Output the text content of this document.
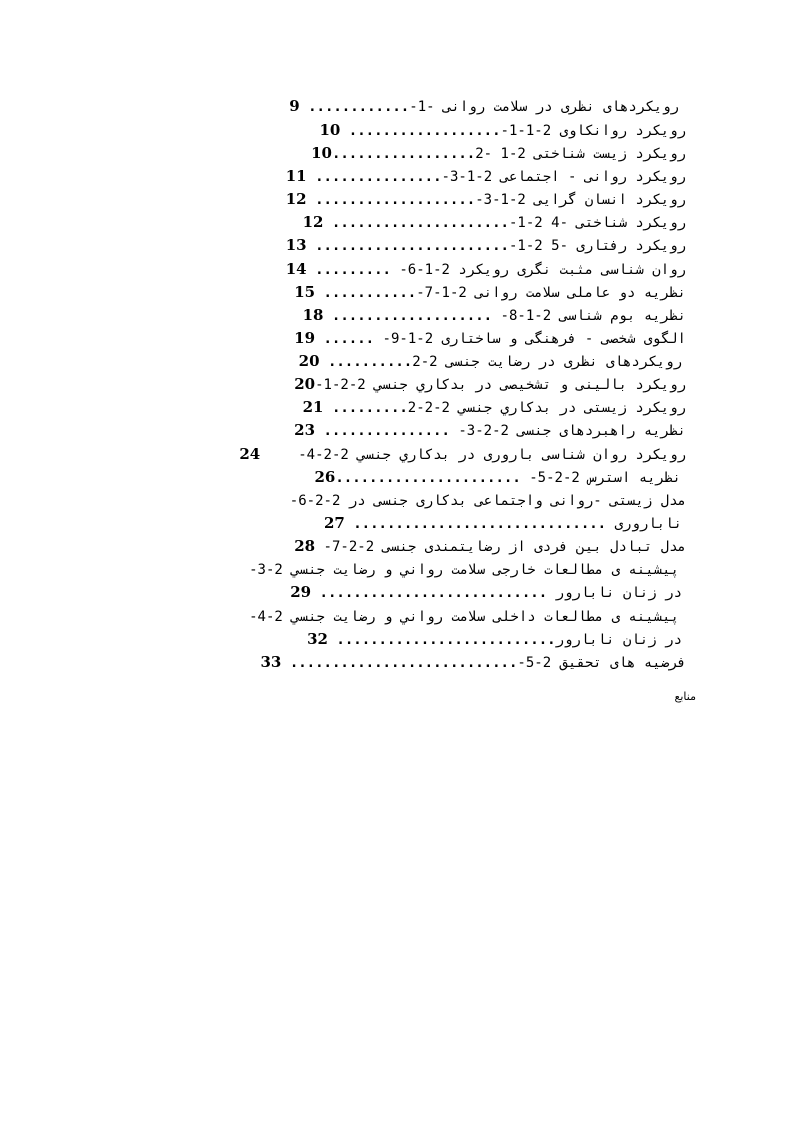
9 ............رویکردهای نظری در سلامت روانی -1-
10 ..................رویکرد روانکاوی 2-1-1-
10.................رویکرد زیست شناختی 2-1 -2
11 ...............رویکرد روانی - اجتماعی 2-1-3-
12 ...................رویکرد انسان گرایی 2-1-3-
12 .....................رویکرد شناختی -4 2-1-
13 .......................رویکرد رفتاری -5 2-1-
14 ......... روان شناسی مثبت نگری رویکرد 2-1-6-
15 ...........نظریه دو عاملی سلامت روانی 2-1-7-
18 ................... نظریه بوم شناسی 2-1-8-
19 ...... الگوی شخصی - فرهنگی و ساختاری 2-1-9-
20 ..........رویکردهای نظری در رضایت جنسی 2-2
20رویکرد بالینی و تشخیصی در بدکاري جنسي 2-2-1-
21 .........رویکرد زیستی در بدکاري جنسي 2-2-2
23 ............... نظریه راهبردهای جنسی 2-2-3-
24	رویکرد روان شناسی باروری در بدکاري جنسي 2-2-4-
26...................... نظریه استرس 2-2-5-
مدل زیستی -روانی واجتماعی بدکاری جنسی در 2-2-6-
27 .............................. ناباروری
28 مدل تبادل بین فردی از رضایتمندی جنسی 2-2-7-
پیشینه ی مطالعات خارجی سلامت رواني و رضایت جنسي 2-3-
29 ........................... در زنان نابارور
پیشینه ی مطالعات داخلی سلامت رواني و رضایت جنسي 2-4-
32 ..........................در زنان نابارور
33 ...........................فرضیه های تحقیق 2-5-
منابع
